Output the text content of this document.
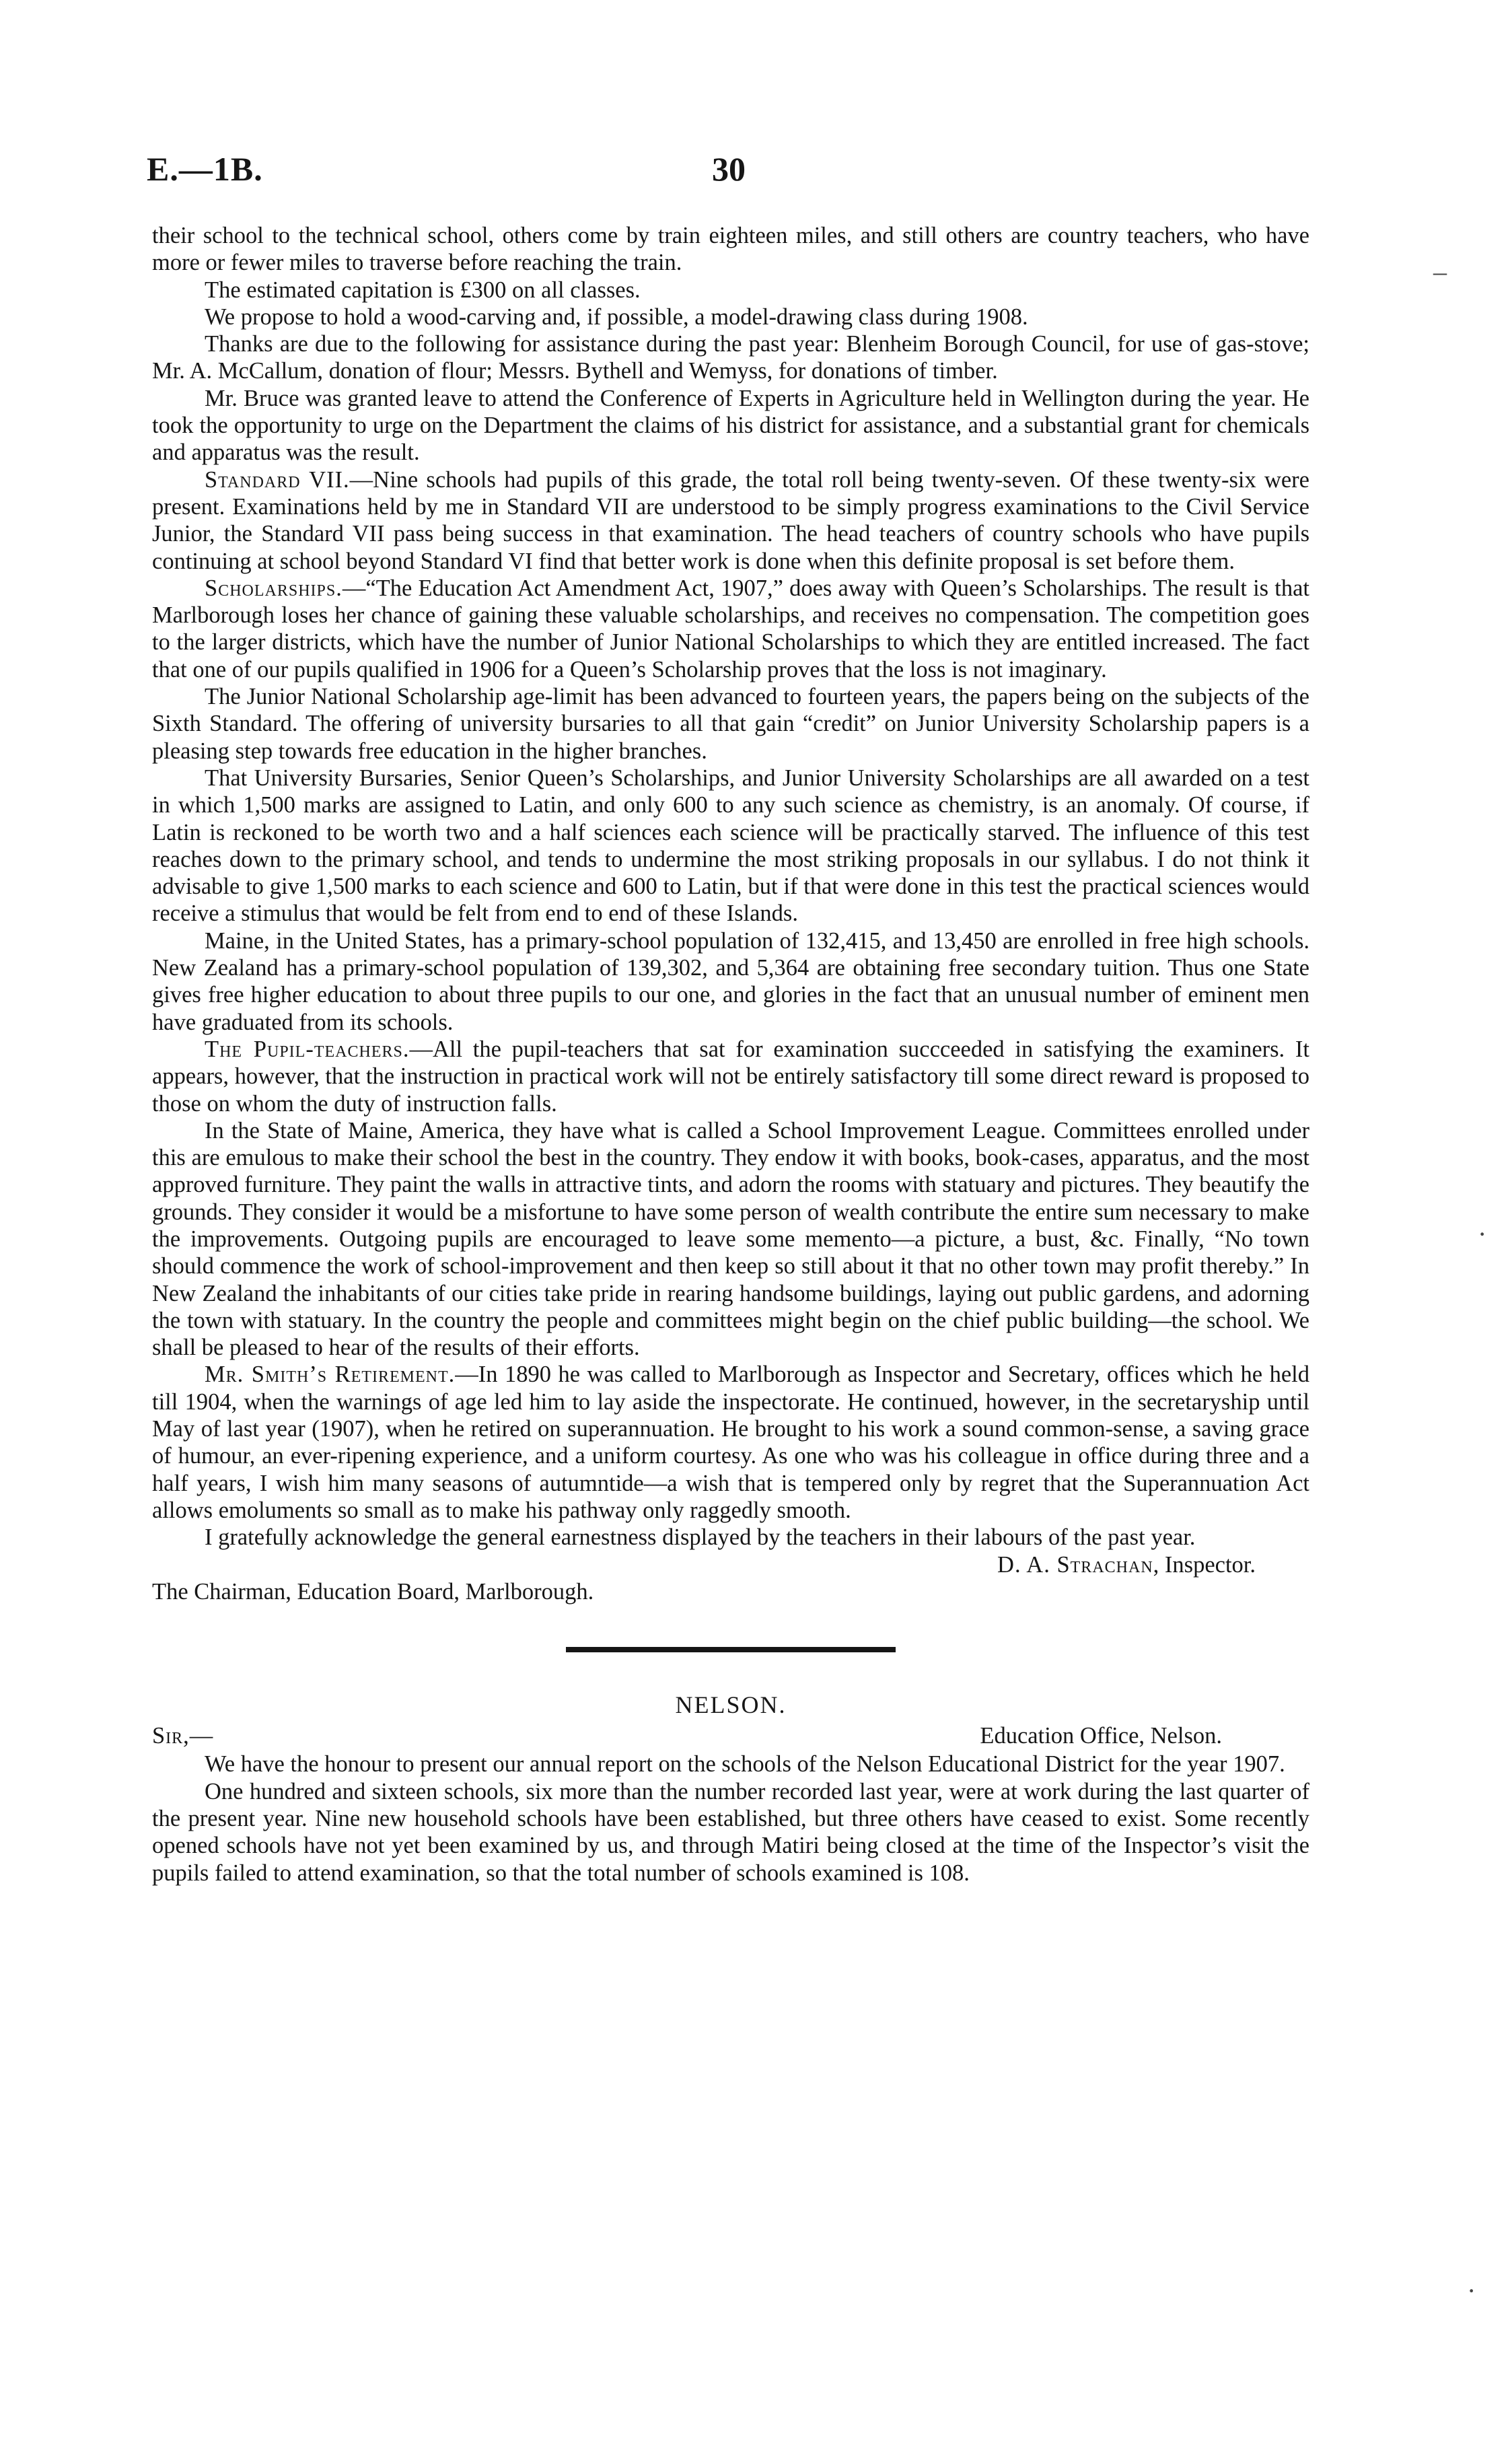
E.—1B.	30
–
·
·

their school to the technical school, others come by train eighteen miles, and still others are country teachers, who have more or fewer miles to traverse before reaching the train.

The estimated capitation is £300 on all classes.

We propose to hold a wood-carving and, if possible, a model-drawing class during 1908.

Thanks are due to the following for assistance during the past year: Blenheim Borough Council, for use of gas-stove; Mr. A. McCallum, donation of flour; Messrs. Bythell and Wemyss, for donations of timber.

Mr. Bruce was granted leave to attend the Conference of Experts in Agriculture held in Wellington during the year. He took the opportunity to urge on the Department the claims of his district for assistance, and a substantial grant for chemicals and apparatus was the result.

Standard VII.—Nine schools had pupils of this grade, the total roll being twenty-seven. Of these twenty-six were present. Examinations held by me in Standard VII are understood to be simply progress examinations to the Civil Service Junior, the Standard VII pass being success in that examination. The head teachers of country schools who have pupils continuing at school beyond Standard VI find that better work is done when this definite proposal is set before them.

Scholarships.—“The Education Act Amendment Act, 1907,” does away with Queen’s Scholarships. The result is that Marlborough loses her chance of gaining these valuable scholarships, and receives no compensation. The competition goes to the larger districts, which have the number of Junior National Scholarships to which they are entitled increased. The fact that one of our pupils qualified in 1906 for a Queen’s Scholarship proves that the loss is not imaginary.

The Junior National Scholarship age-limit has been advanced to fourteen years, the papers being on the subjects of the Sixth Standard. The offering of university bursaries to all that gain “credit” on Junior University Scholarship papers is a pleasing step towards free education in the higher branches.

That University Bursaries, Senior Queen’s Scholarships, and Junior University Scholarships are all awarded on a test in which 1,500 marks are assigned to Latin, and only 600 to any such science as chemistry, is an anomaly. Of course, if Latin is reckoned to be worth two and a half sciences each science will be practically starved. The influence of this test reaches down to the primary school, and tends to undermine the most striking proposals in our syllabus. I do not think it advisable to give 1,500 marks to each science and 600 to Latin, but if that were done in this test the practical sciences would receive a stimulus that would be felt from end to end of these Islands.

Maine, in the United States, has a primary-school population of 132,415, and 13,450 are enrolled in free high schools. New Zealand has a primary-school population of 139,302, and 5,364 are obtaining free secondary tuition. Thus one State gives free higher education to about three pupils to our one, and glories in the fact that an unusual number of eminent men have graduated from its schools.

The Pupil-teachers.—All the pupil-teachers that sat for examination succceeded in satisfying the examiners. It appears, however, that the instruction in practical work will not be entirely satisfactory till some direct reward is proposed to those on whom the duty of instruction falls.

In the State of Maine, America, they have what is called a School Improvement League. Committees enrolled under this are emulous to make their school the best in the country. They endow it with books, book-cases, apparatus, and the most approved furniture. They paint the walls in attractive tints, and adorn the rooms with statuary and pictures. They beautify the grounds. They consider it would be a misfortune to have some person of wealth contribute the entire sum necessary to make the improvements. Outgoing pupils are encouraged to leave some memento—a picture, a bust, &c. Finally, “No town should commence the work of school-improvement and then keep so still about it that no other town may profit thereby.” In New Zealand the inhabitants of our cities take pride in rearing handsome buildings, laying out public gardens, and adorning the town with statuary. In the country the people and committees might begin on the chief public building—the school. We shall be pleased to hear of the results of their efforts.

Mr. Smith’s Retirement.—In 1890 he was called to Marlborough as Inspector and Secretary, offices which he held till 1904, when the warnings of age led him to lay aside the inspectorate. He continued, however, in the secretaryship until May of last year (1907), when he retired on superannuation. He brought to his work a sound common-sense, a saving grace of humour, an ever-ripening experience, and a uniform courtesy. As one who was his colleague in office during three and a half years, I wish him many seasons of autumntide—a wish that is tempered only by regret that the Superannuation Act allows emoluments so small as to make his pathway only raggedly smooth.

I gratefully acknowledge the general earnestness displayed by the teachers in their labours of the past year.

D. A. Strachan, Inspector.

The Chairman, Education Board, Marlborough.

NELSON.
Sir,—	Education Office, Nelson.

We have the honour to present our annual report on the schools of the Nelson Educational District for the year 1907.

One hundred and sixteen schools, six more than the number recorded last year, were at work during the last quarter of the present year. Nine new household schools have been established, but three others have ceased to exist. Some recently opened schools have not yet been examined by us, and through Matiri being closed at the time of the Inspector’s visit the pupils failed to attend examination, so that the total number of schools examined is 108.
